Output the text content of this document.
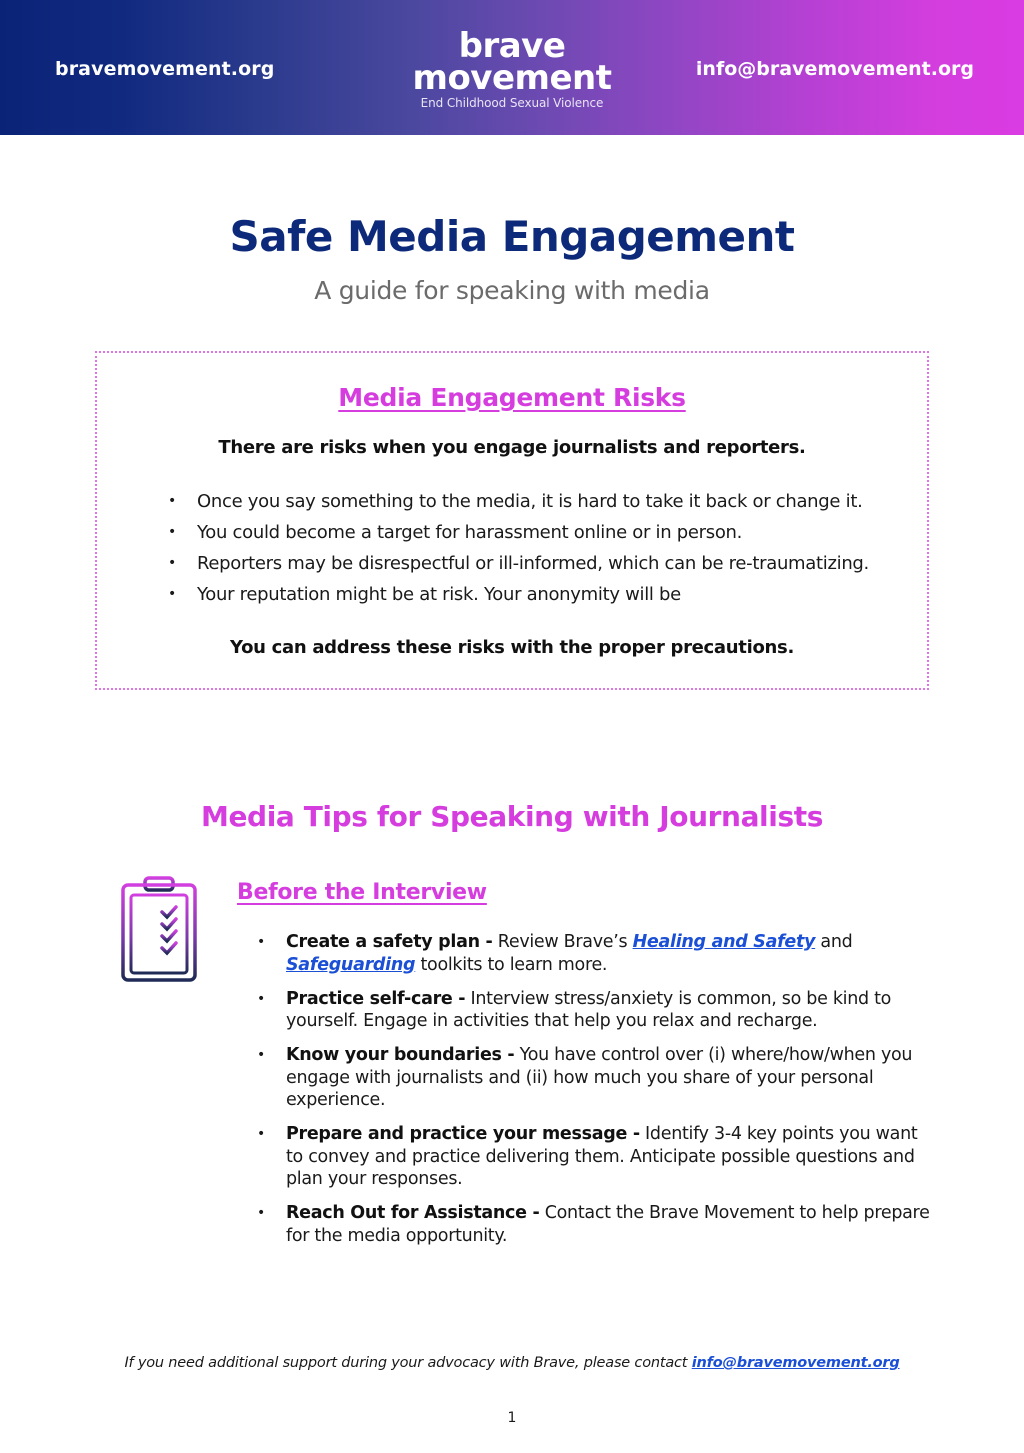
bravemovement.org
brave
movement
End Childhood Sexual Violence
info@bravemovement.org
Safe Media Engagement
A guide for speaking with media
Media Engagement Risks

There are risks when you engage journalists and reporters.

• Once you say something to the media, it is hard to take it back or change it.
• You could become a target for harassment online or in person.
• Reporters may be disrespectful or ill-informed, which can be re-traumatizing.
• Your reputation might be at risk. Your anonymity will be

You can address these risks with the proper precautions.

Media Tips for Speaking with Journalists
Before the Interview
• Create a safety plan - Review Brave’s Healing and Safety and Safeguarding toolkits to learn more.
• Practice self-care - Interview stress/anxiety is common, so be kind to yourself. Engage in activities that help you relax and recharge.
• Know your boundaries - You have control over (i) where/how/when you engage with journalists and (ii) how much you share of your personal experience.
• Prepare and practice your message - Identify 3-4 key points you want to convey and practice delivering them. Anticipate possible questions and plan your responses.
• Reach Out for Assistance - Contact the Brave Movement to help prepare for the media opportunity.

If you need additional support during your advocacy with Brave, please contact info@bravemovement.org

1
